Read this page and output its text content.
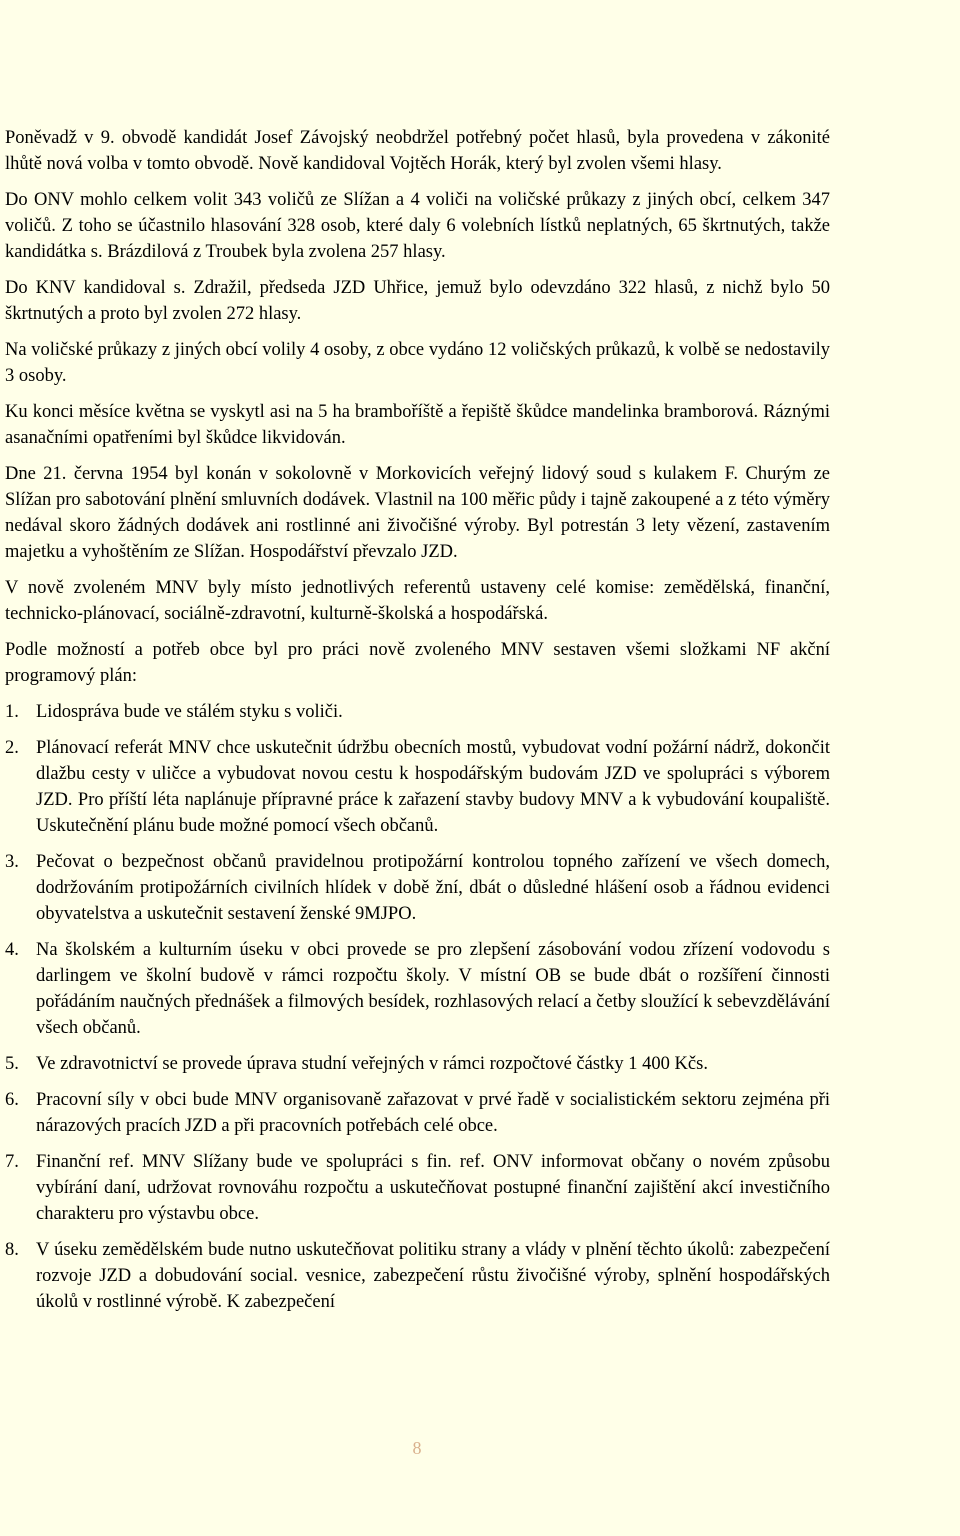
Poněvadž v 9. obvodě kandidát Josef Závojský neobdržel potřebný počet hlasů, byla provedena v zákonité lhůtě nová volba v tomto obvodě. Nově kandidoval Vojtěch Horák, který byl zvolen všemi hlasy.

Do ONV mohlo celkem volit 343 voličů ze Slížan a 4 voliči na voličské průkazy z jiných obcí, celkem 347 voličů. Z toho se účastnilo hlasování 328 osob, které daly 6 volebních lístků neplatných, 65 škrtnutých, takže kandidátka s. Brázdilová z Troubek byla zvolena 257 hlasy.

Do KNV kandidoval s. Zdražil, předseda JZD Uhřice, jemuž bylo odevzdáno 322 hlasů, z nichž bylo 50 škrtnutých a proto byl zvolen 272 hlasy.

Na voličské průkazy z jiných obcí volily 4 osoby, z obce vydáno 12 voličských průkazů, k volbě se nedostavily 3 osoby.

Ku konci měsíce května se vyskytl asi na 5 ha bramboříště a řepiště škůdce mandelinka bramborová. Ráznými asanačními opatřeními byl škůdce likvidován.

Dne 21. června 1954 byl konán v sokolovně v Morkovicích veřejný lidový soud s kulakem F. Churým ze Slížan pro sabotování plnění smluvních dodávek. Vlastnil na 100 měřic půdy i tajně zakoupené a z této výměry nedával skoro žádných dodávek ani rostlinné ani živočišné výroby. Byl potrestán 3 lety vězení, zastavením majetku a vyhoštěním ze Slížan. Hospodářství převzalo JZD.

V nově zvoleném MNV byly místo jednotlivých referentů ustaveny celé komise: zemědělská, finanční, technicko-plánovací, sociálně-zdravotní, kulturně-školská a hospodářská.

Podle možností a potřeb obce byl pro práci nově zvoleného MNV sestaven všemi složkami NF akční programový plán:

1. Lidospráva bude ve stálém styku s voliči.
2. Plánovací referát MNV chce uskutečnit údržbu obecních mostů, vybudovat vodní požární nádrž, dokončit dlažbu cesty v uličce a vybudovat novou cestu k hospodářským budovám JZD ve spolupráci s výborem JZD. Pro příští léta naplánuje přípravné práce k zařazení stavby budovy MNV a k vybudování koupaliště. Uskutečnění plánu bude možné pomocí všech občanů.
3. Pečovat o bezpečnost občanů pravidelnou protipožární kontrolou topného zařízení ve všech domech, dodržováním protipožárních civilních hlídek v době žní, dbát o důsledné hlášení osob a řádnou evidenci obyvatelstva a uskutečnit sestavení ženské 9MJPO.
4. Na školském a kulturním úseku v obci provede se pro zlepšení zásobování vodou zřízení vodovodu s darlingem ve školní budově v rámci rozpočtu školy. V místní OB se bude dbát o rozšíření činnosti pořádáním naučných přednášek a filmových besídek, rozhlasových relací a četby sloužící k sebevzdělávání všech občanů.
5. Ve zdravotnictví se provede úprava studní veřejných v rámci rozpočtové částky 1 400 Kčs.
6. Pracovní síly v obci bude MNV organisovaně zařazovat v prvé řadě v socialistickém sektoru zejména při nárazových pracích JZD a při pracovních potřebách celé obce.
7. Finanční ref. MNV Slížany bude ve spolupráci s fin. ref. ONV informovat občany o novém způsobu vybírání daní, udržovat rovnováhu rozpočtu a uskutečňovat postupné finanční zajištění akcí investičního charakteru pro výstavbu obce.
8. V úseku zemědělském bude nutno uskutečňovat politiku strany a vlády v plnění těchto úkolů: zabezpečení rozvoje JZD a dobudování social. vesnice, zabezpečení růstu živočišné výroby, splnění hospodářských úkolů v rostlinné výrobě. K zabezpečení
8
